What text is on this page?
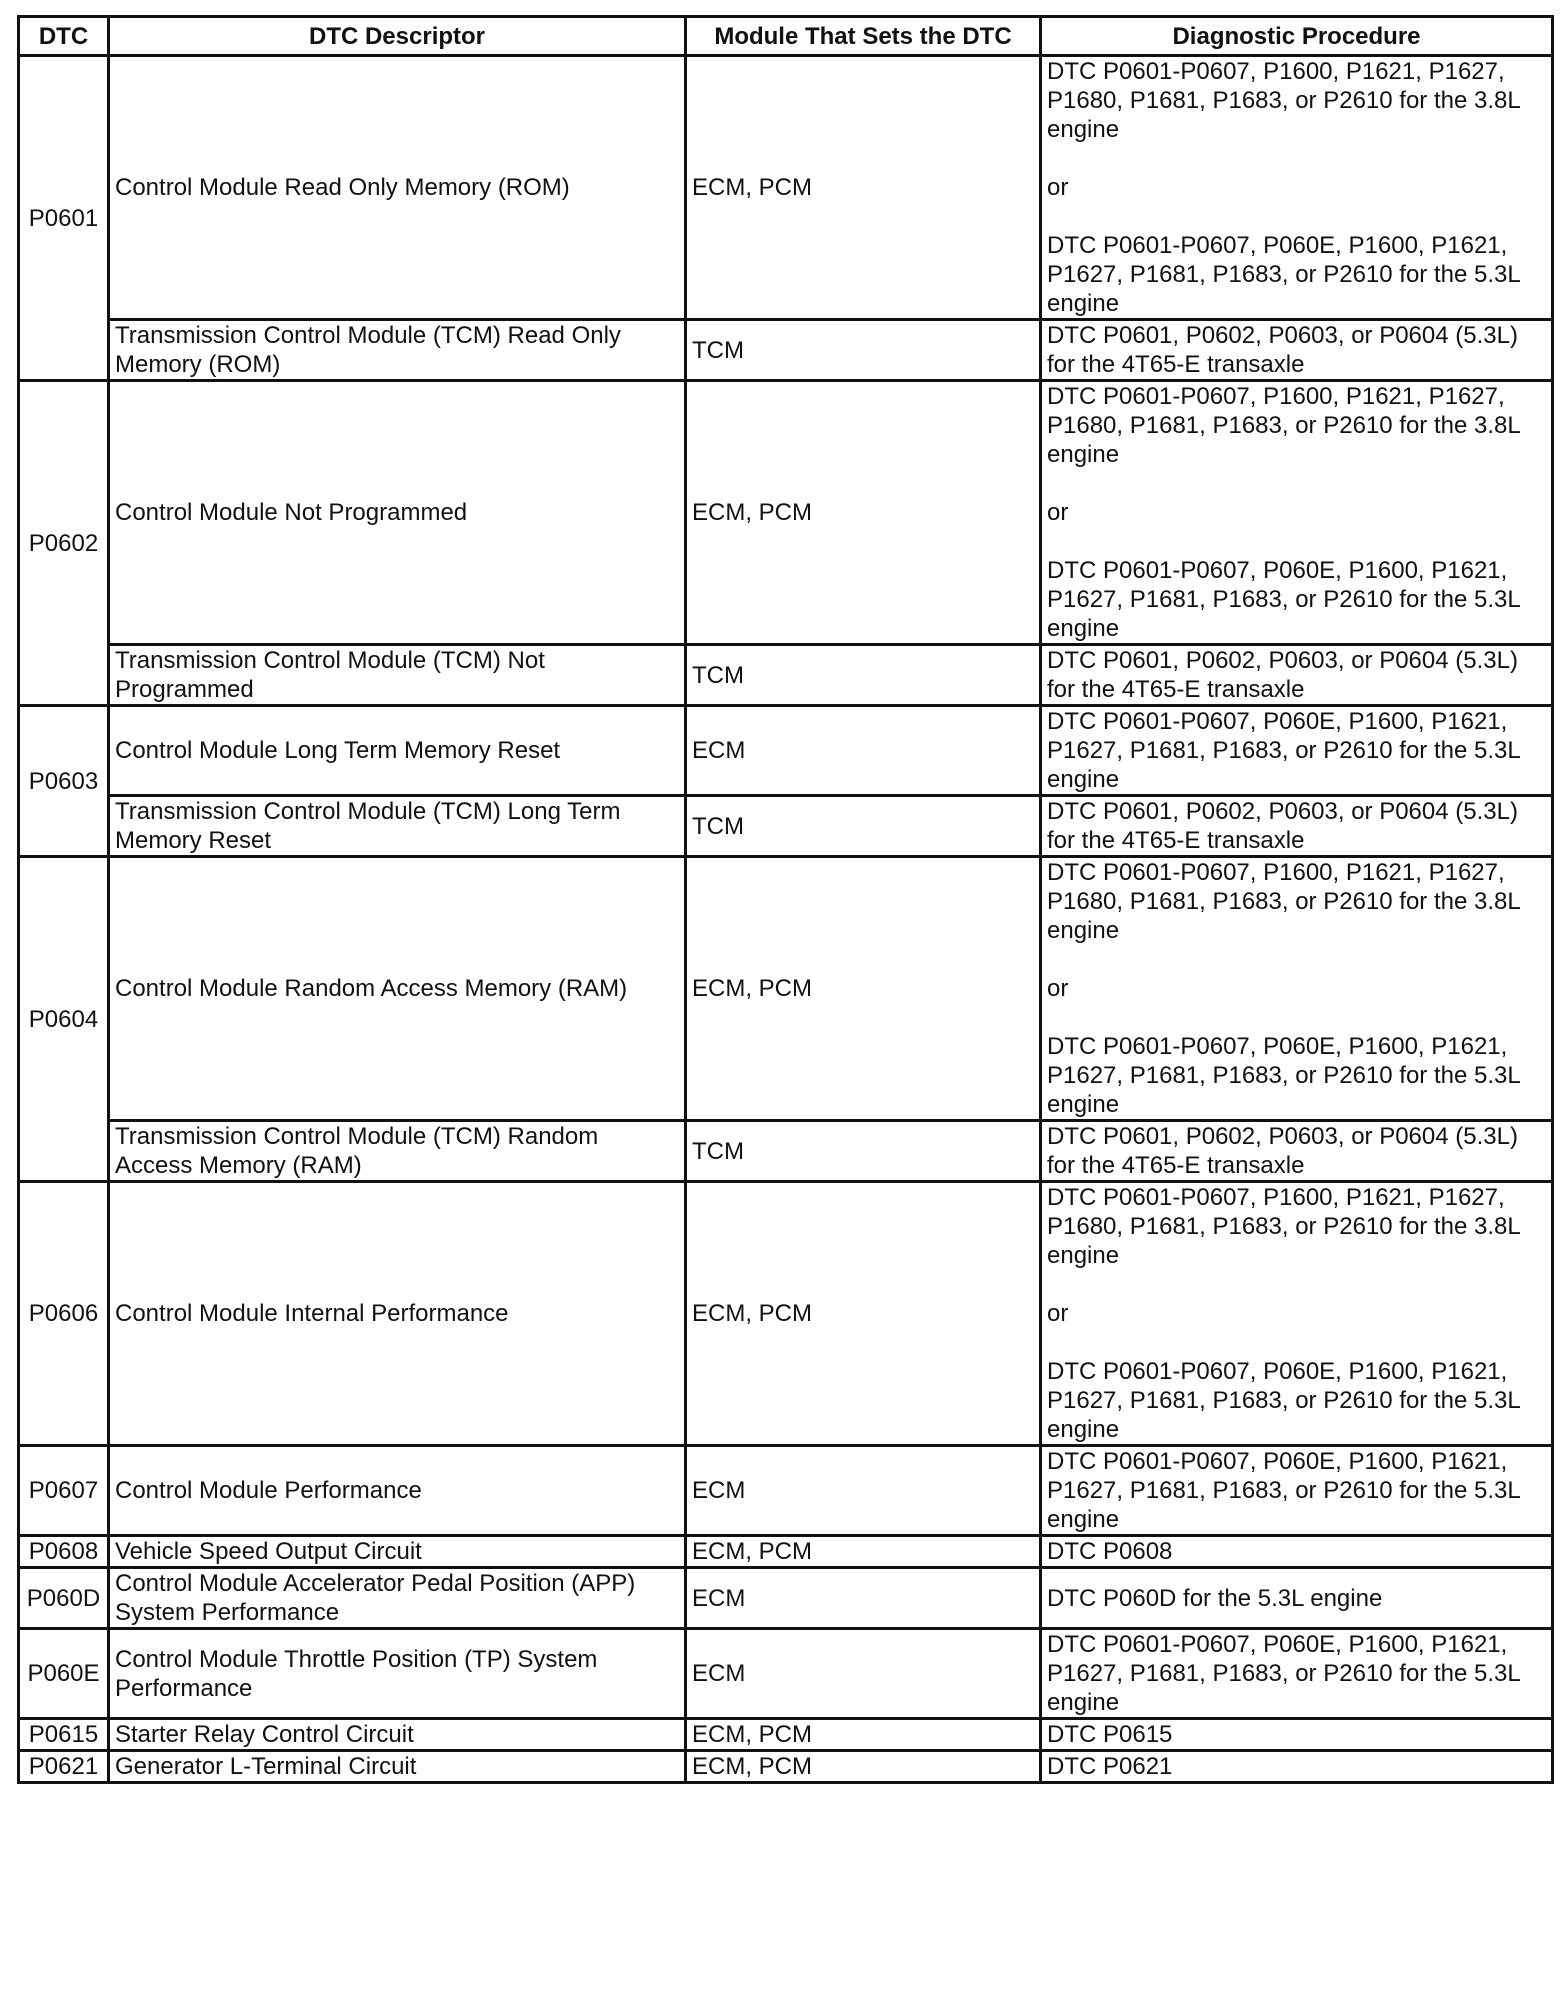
DTC	DTC Descriptor	Module That Sets the DTC	Diagnostic Procedure
P0601	Control Module Read Only Memory (ROM)	ECM, PCM	DTC P0601-P0607, P1600, P1621, P1627, P1680, P1681, P1683, or P2610 for the 3.8L engine
or
DTC P0601-P0607, P060E, P1600, P1621, P1627, P1681, P1683, or P2610 for the 5.3L engine

	Transmission Control Module (TCM) Read Only Memory (ROM)	TCM	DTC P0601, P0602, P0603, or P0604 (5.3L) for the 4T65-E transaxle

P0602	Control Module Not Programmed	ECM, PCM	DTC P0601-P0607, P1600, P1621, P1627, P1680, P1681, P1683, or P2610 for the 3.8L engine
or
DTC P0601-P0607, P060E, P1600, P1621, P1627, P1681, P1683, or P2610 for the 5.3L engine

	Transmission Control Module (TCM) Not Programmed	TCM	DTC P0601, P0602, P0603, or P0604 (5.3L) for the 4T65-E transaxle

P0603	Control Module Long Term Memory Reset	ECM	DTC P0601-P0607, P060E, P1600, P1621, P1627, P1681, P1683, or P2610 for the 5.3L engine

	Transmission Control Module (TCM) Long Term Memory Reset	TCM	DTC P0601, P0602, P0603, or P0604 (5.3L) for the 4T65-E transaxle

P0604	Control Module Random Access Memory (RAM)	ECM, PCM	DTC P0601-P0607, P1600, P1621, P1627, P1680, P1681, P1683, or P2610 for the 3.8L engine
or
DTC P0601-P0607, P060E, P1600, P1621, P1627, P1681, P1683, or P2610 for the 5.3L engine

	Transmission Control Module (TCM) Random Access Memory (RAM)	TCM	DTC P0601, P0602, P0603, or P0604 (5.3L) for the 4T65-E transaxle

P0606	Control Module Internal Performance	ECM, PCM	DTC P0601-P0607, P1600, P1621, P1627, P1680, P1681, P1683, or P2610 for the 3.8L engine
or
DTC P0601-P0607, P060E, P1600, P1621, P1627, P1681, P1683, or P2610 for the 5.3L engine

P0607	Control Module Performance	ECM	DTC P0601-P0607, P060E, P1600, P1621, P1627, P1681, P1683, or P2610 for the 5.3L engine

P0608	Vehicle Speed Output Circuit	ECM, PCM	DTC P0608

P060D	Control Module Accelerator Pedal Position (APP) System Performance	ECM	DTC P060D for the 5.3L engine

P060E	Control Module Throttle Position (TP) System Performance	ECM	DTC P0601-P0607, P060E, P1600, P1621, P1627, P1681, P1683, or P2610 for the 5.3L engine

P0615	Starter Relay Control Circuit	ECM, PCM	DTC P0615

P0621	Generator L-Terminal Circuit	ECM, PCM	DTC P0621
